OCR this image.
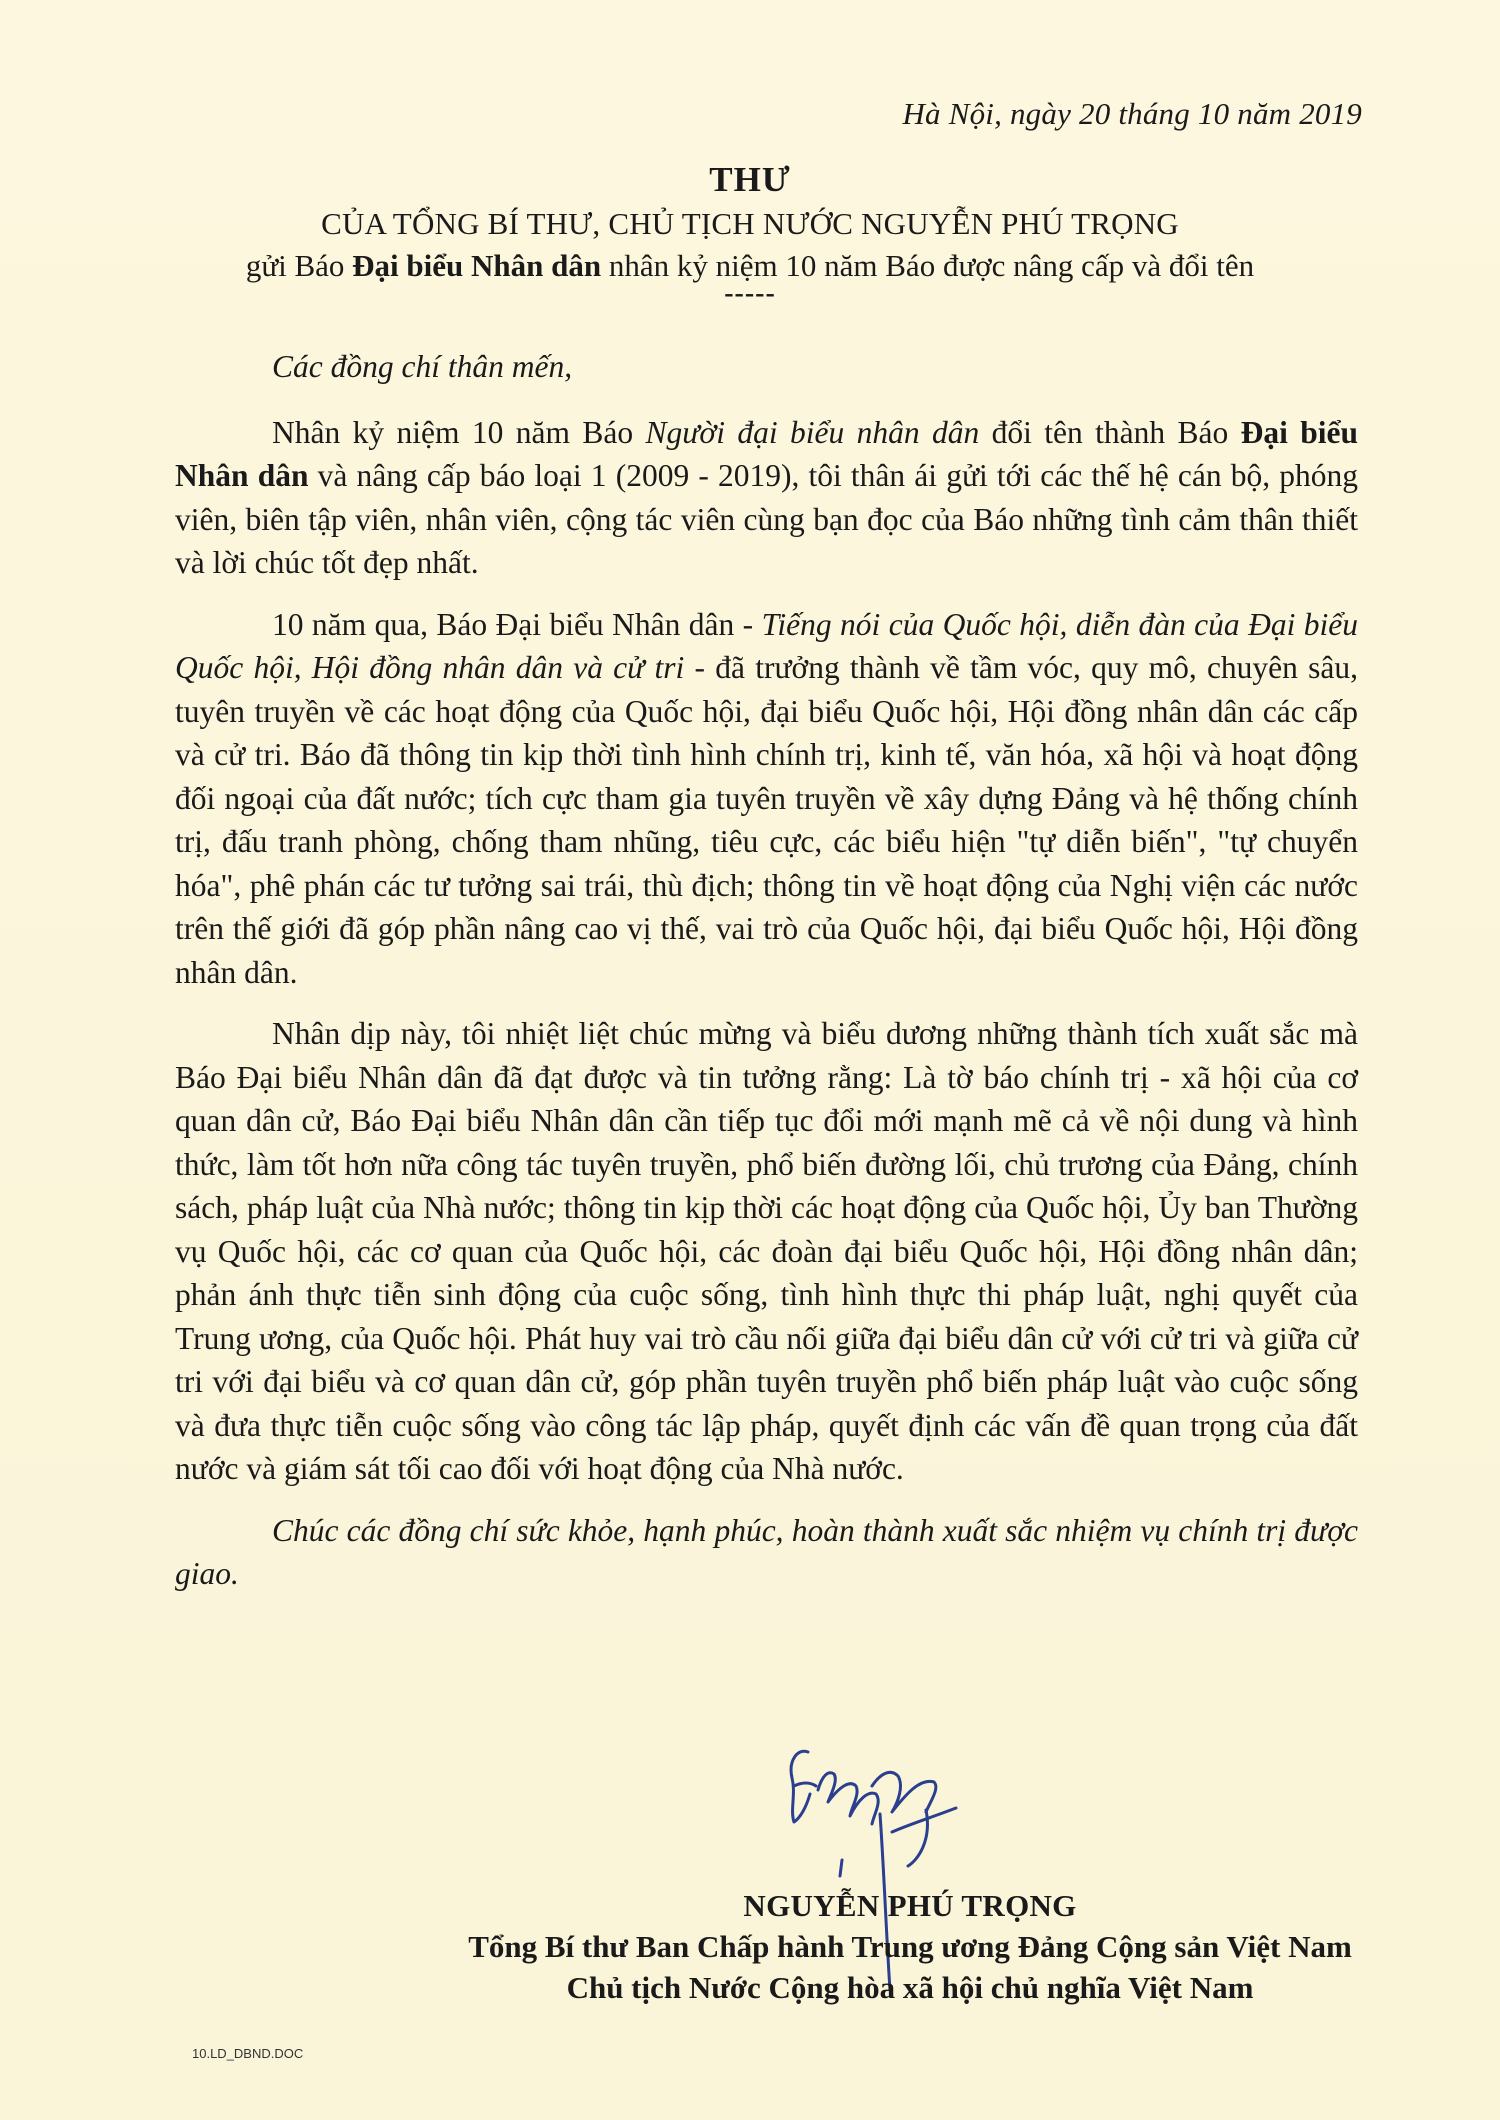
Hà Nội, ngày 20 tháng 10 năm 2019
THƯ
CỦA TỔNG BÍ THƯ, CHỦ TỊCH NƯỚC NGUYỄN PHÚ TRỌNG
gửi Báo Đại biểu Nhân dân nhân kỷ niệm 10 năm Báo được nâng cấp và đổi tên
-----

Các đồng chí thân mến,

Nhân kỷ niệm 10 năm Báo Người đại biểu nhân dân đổi tên thành Báo Đại biểu Nhân dân và nâng cấp báo loại 1 (2009 - 2019), tôi thân ái gửi tới các thế hệ cán bộ, phóng viên, biên tập viên, nhân viên, cộng tác viên cùng bạn đọc của Báo những tình cảm thân thiết và lời chúc tốt đẹp nhất.

10 năm qua, Báo Đại biểu Nhân dân - Tiếng nói của Quốc hội, diễn đàn của Đại biểu Quốc hội, Hội đồng nhân dân và cử tri - đã trưởng thành về tầm vóc, quy mô, chuyên sâu, tuyên truyền về các hoạt động của Quốc hội, đại biểu Quốc hội, Hội đồng nhân dân các cấp và cử tri. Báo đã thông tin kịp thời tình hình chính trị, kinh tế, văn hóa, xã hội và hoạt động đối ngoại của đất nước; tích cực tham gia tuyên truyền về xây dựng Đảng và hệ thống chính trị, đấu tranh phòng, chống tham nhũng, tiêu cực, các biểu hiện "tự diễn biến", "tự chuyển hóa", phê phán các tư tưởng sai trái, thù địch; thông tin về hoạt động của Nghị viện các nước trên thế giới đã góp phần nâng cao vị thế, vai trò của Quốc hội, đại biểu Quốc hội, Hội đồng nhân dân.

Nhân dịp này, tôi nhiệt liệt chúc mừng và biểu dương những thành tích xuất sắc mà Báo Đại biểu Nhân dân đã đạt được và tin tưởng rằng: Là tờ báo chính trị - xã hội của cơ quan dân cử, Báo Đại biểu Nhân dân cần tiếp tục đổi mới mạnh mẽ cả về nội dung và hình thức, làm tốt hơn nữa công tác tuyên truyền, phổ biến đường lối, chủ trương của Đảng, chính sách, pháp luật của Nhà nước; thông tin kịp thời các hoạt động của Quốc hội, Ủy ban Thường vụ Quốc hội, các cơ quan của Quốc hội, các đoàn đại biểu Quốc hội, Hội đồng nhân dân; phản ánh thực tiễn sinh động của cuộc sống, tình hình thực thi pháp luật, nghị quyết của Trung ương, của Quốc hội. Phát huy vai trò cầu nối giữa đại biểu dân cử với cử tri và giữa cử tri với đại biểu và cơ quan dân cử, góp phần tuyên truyền phổ biến pháp luật vào cuộc sống và đưa thực tiễn cuộc sống vào công tác lập pháp, quyết định các vấn đề quan trọng của đất nước và giám sát tối cao đối với hoạt động của Nhà nước.

Chúc các đồng chí sức khỏe, hạnh phúc, hoàn thành xuất sắc nhiệm vụ chính trị được giao.

NGUYỄN PHÚ TRỌNG
Tổng Bí thư Ban Chấp hành Trung ương Đảng Cộng sản Việt Nam
Chủ tịch Nước Cộng hòa xã hội chủ nghĩa Việt Nam
10.LD_DBND.DOC
